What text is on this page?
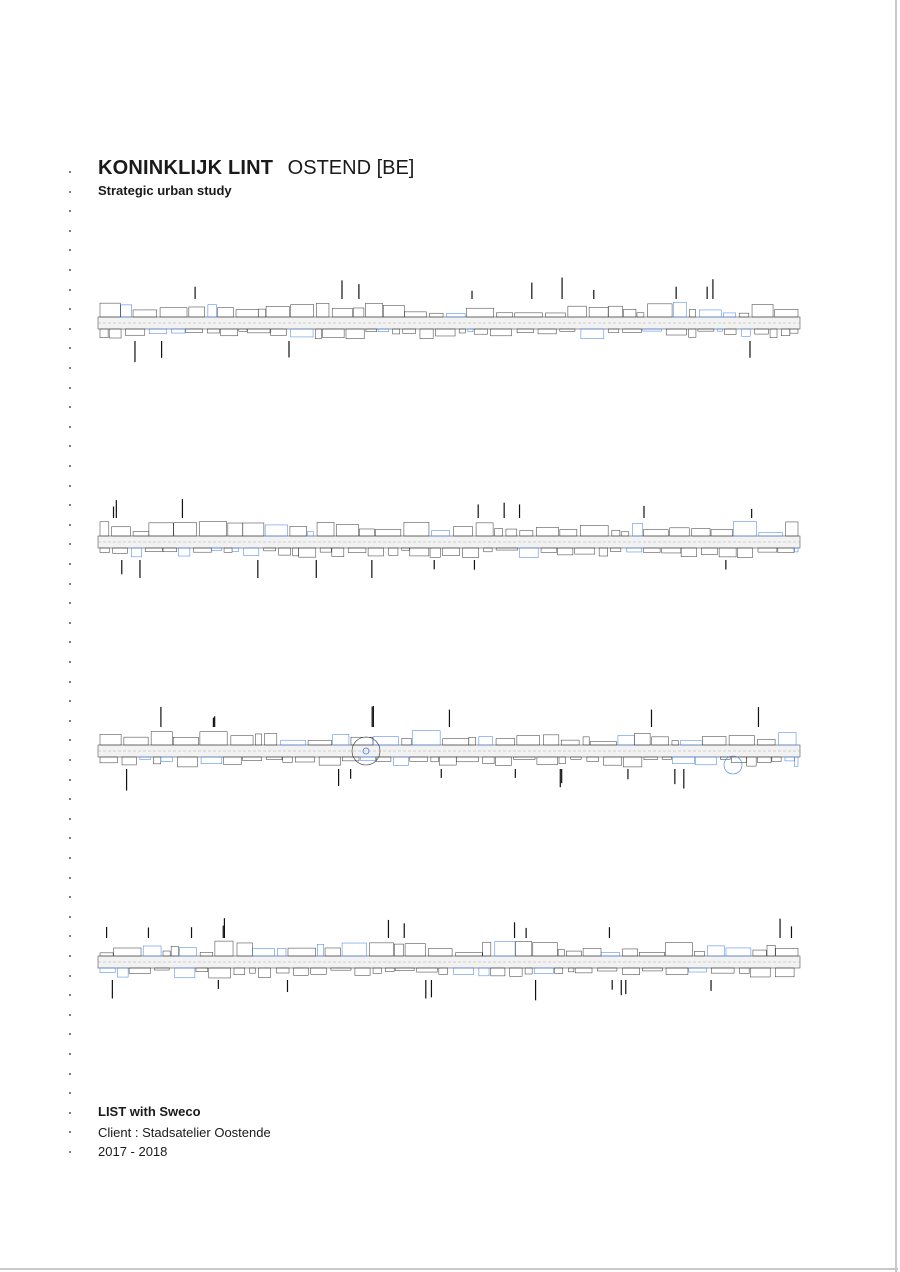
KONINKLIJK LINT OSTEND [BE]
Strategic urban study
LIST with Sweco
Client : Stadsatelier Oostende
2017 - 2018
